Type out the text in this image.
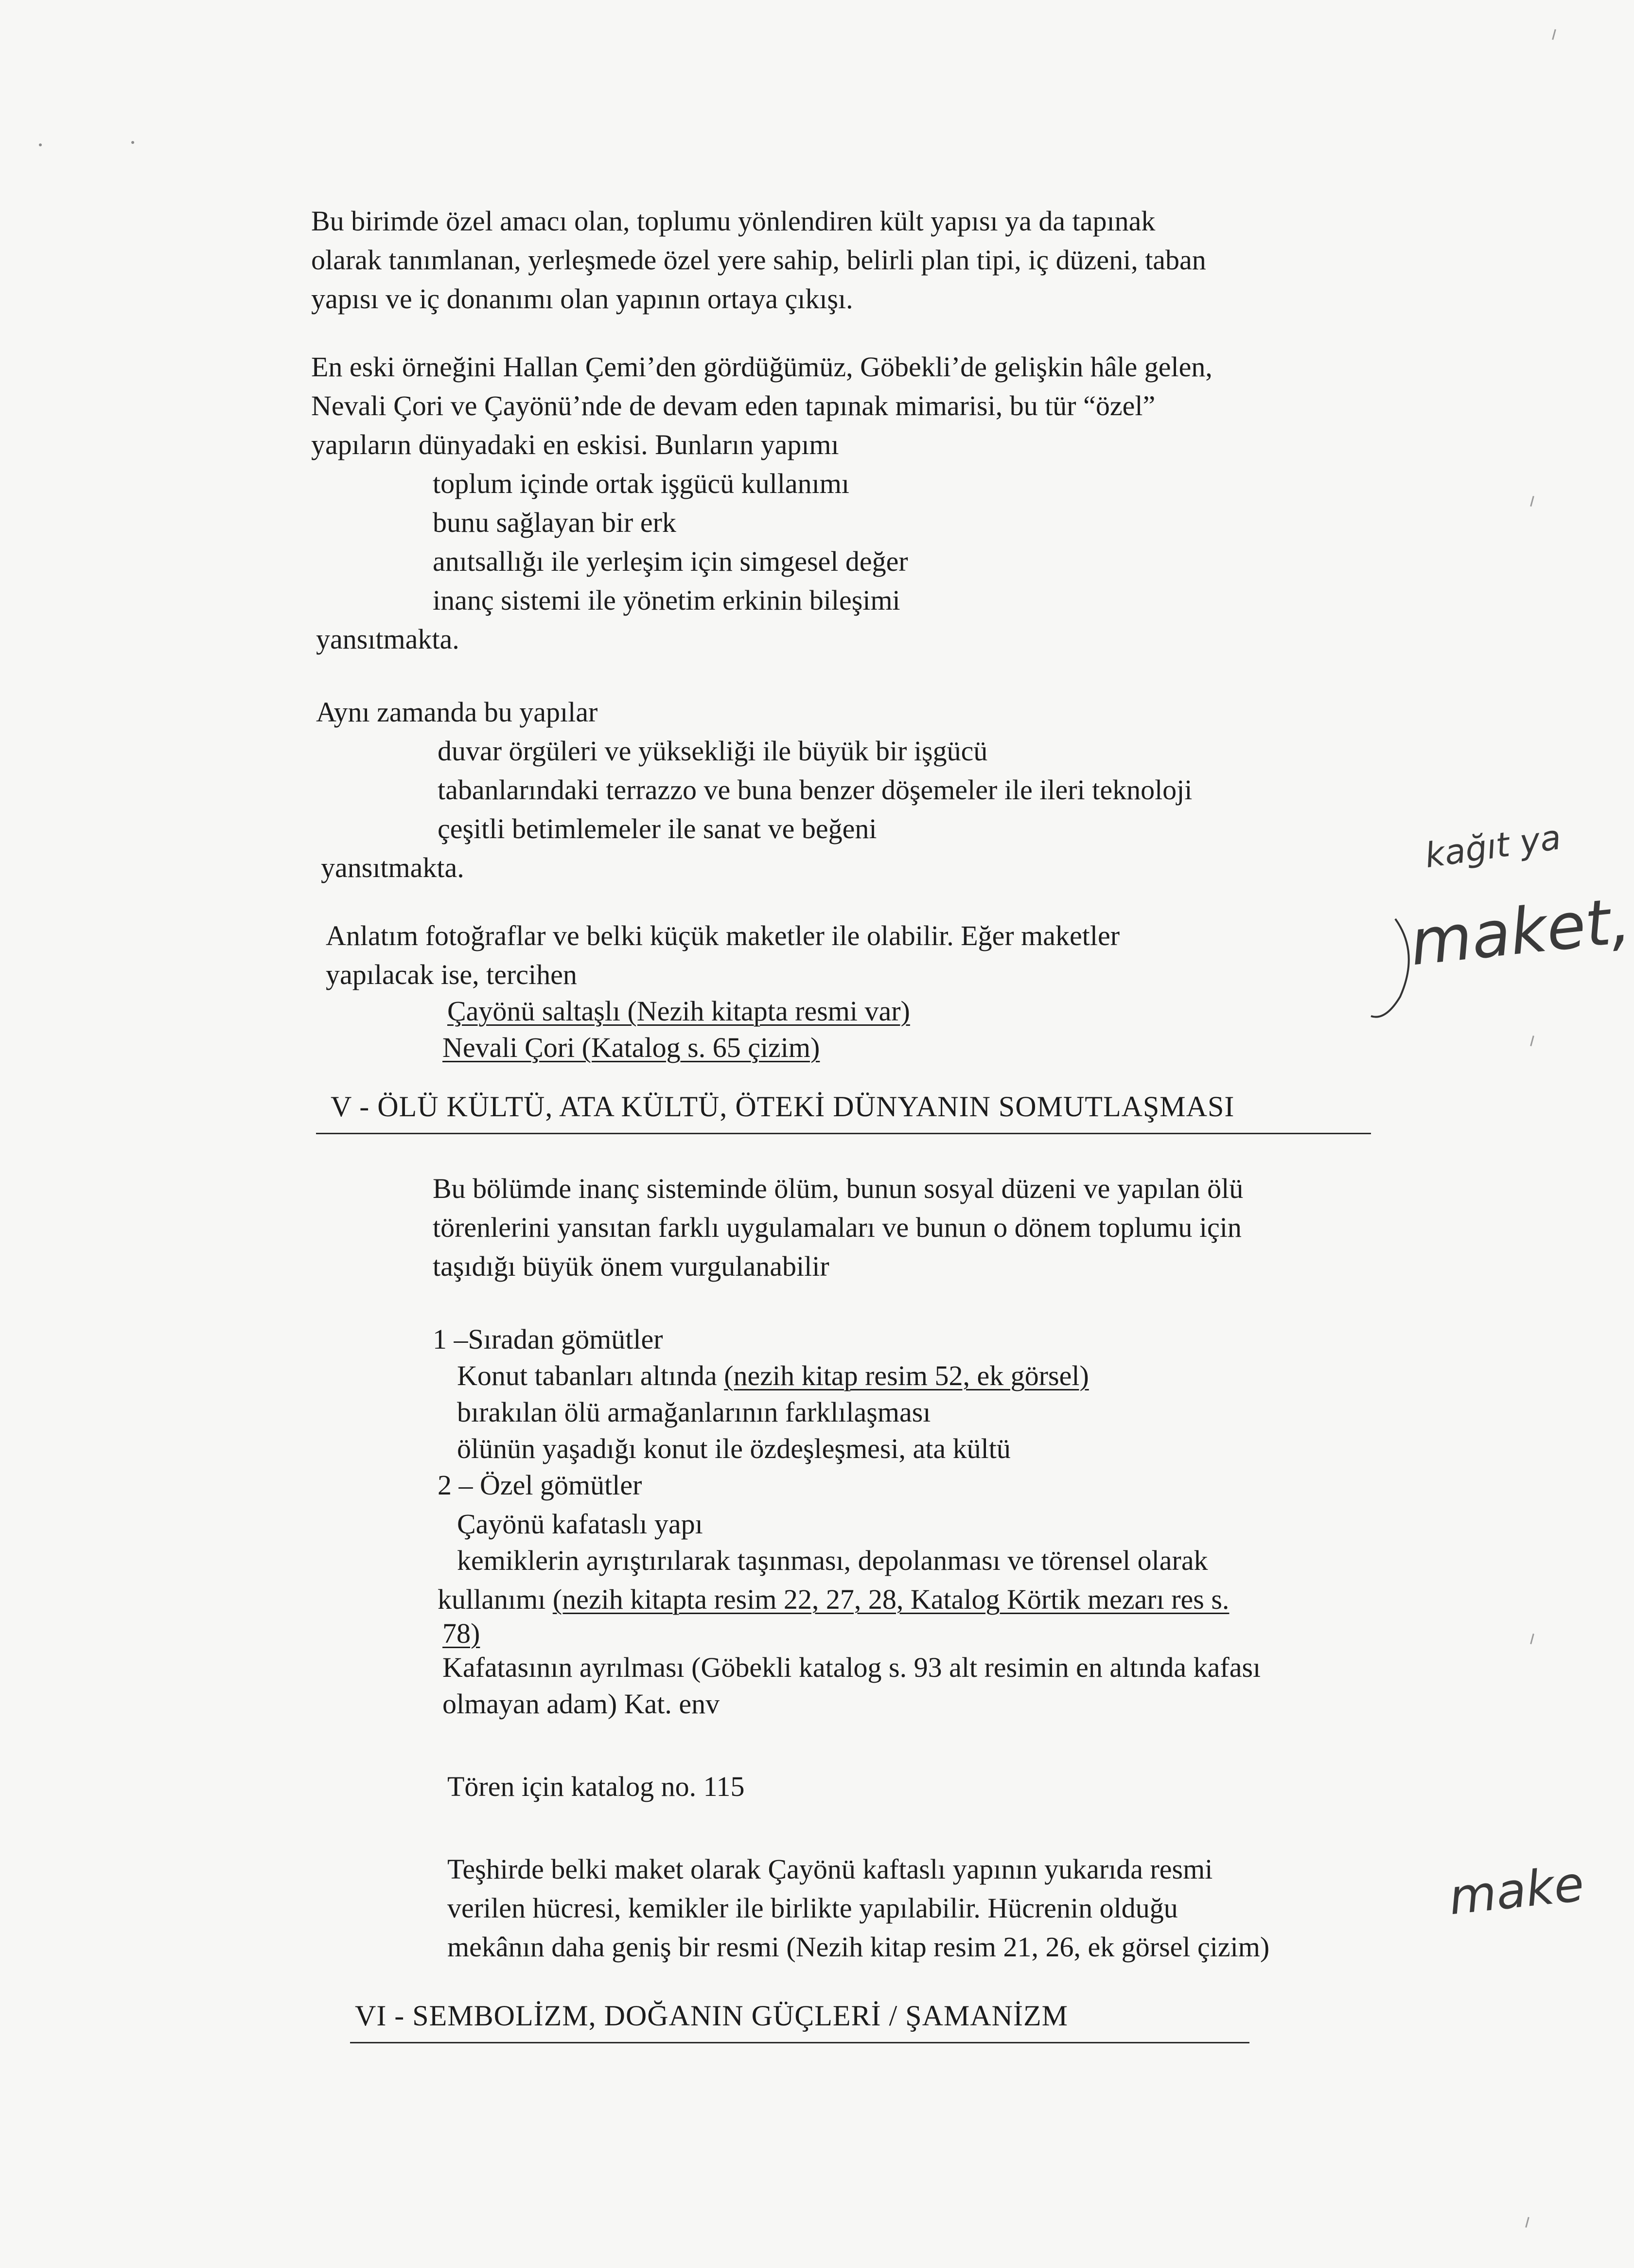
Bu birimde özel amacı olan, toplumu yönlendiren kült yapısı ya da tapınak
olarak tanımlanan, yerleşmede özel yere sahip, belirli plan tipi, iç düzeni, taban
yapısı ve iç donanımı olan yapının ortaya çıkışı.
En eski örneğini Hallan Çemi’den gördüğümüz, Göbekli’de gelişkin hâle gelen,
Nevali Çori ve Çayönü’nde de devam eden tapınak mimarisi, bu tür “özel”
yapıların dünyadaki en eskisi. Bunların yapımı
toplum içinde ortak işgücü kullanımı
bunu sağlayan bir erk
anıtsallığı ile yerleşim için simgesel değer
inanç sistemi ile yönetim erkinin bileşimi
yansıtmakta.
Aynı zamanda bu yapılar
duvar örgüleri ve yüksekliği ile büyük bir işgücü
tabanlarındaki terrazzo ve buna benzer döşemeler ile ileri teknoloji
çeşitli betimlemeler ile sanat ve beğeni
yansıtmakta.
Anlatım fotoğraflar ve belki küçük maketler ile olabilir. Eğer maketler
yapılacak ise, tercihen
Çayönü saltaşlı (Nezih kitapta resmi var)
Nevali Çori (Katalog s. 65 çizim)
kağıt ya
maket,
V - ÖLÜ KÜLTÜ, ATA KÜLTÜ, ÖTEKİ DÜNYANIN SOMUTLAŞMASI
Bu bölümde inanç sisteminde ölüm, bunun sosyal düzeni ve yapılan ölü
törenlerini yansıtan farklı uygulamaları ve bunun o dönem toplumu için
taşıdığı büyük önem vurgulanabilir
1 –Sıradan gömütler
Konut tabanları altında (nezih kitap resim 52, ek görsel)
bırakılan ölü armağanlarının farklılaşması
ölünün yaşadığı konut ile özdeşleşmesi, ata kültü
2 – Özel gömütler
Çayönü kafataslı yapı
kemiklerin ayrıştırılarak taşınması, depolanması ve törensel olarak
kullanımı (nezih kitapta resim 22, 27, 28, Katalog Körtik mezarı res s.
78)
Kafatasının ayrılması (Göbekli katalog s. 93 alt resimin en altında kafası
olmayan adam) Kat. env
Tören için katalog no. 115
Teşhirde belki maket olarak Çayönü kaftaslı yapının yukarıda resmi
verilen hücresi, kemikler ile birlikte yapılabilir. Hücrenin olduğu
mekânın daha geniş bir resmi (Nezih kitap resim 21, 26, ek görsel çizim)
make
VI - SEMBOLİZM, DOĞANIN GÜÇLERİ / ŞAMANİZM
